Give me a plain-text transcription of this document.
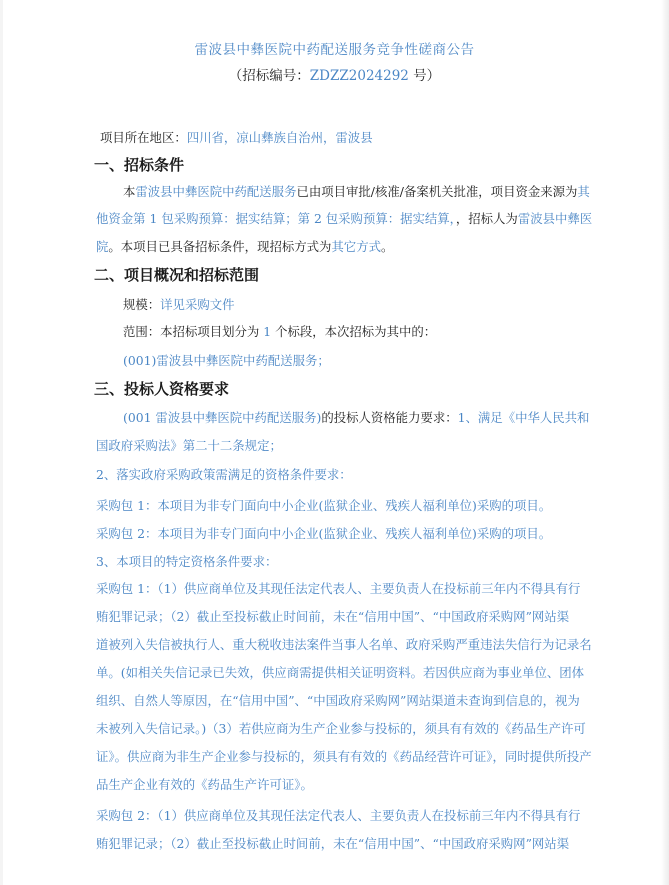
雷波县中彝医院中药配送服务竞争性磋商公告
（招标编号：ZDZZ2024292 号）
项目所在地区：四川省，凉山彝族自治州，雷波县
一、招标条件
本雷波县中彝医院中药配送服务已由项目审批/核准/备案机关批准，项目资金来源为其
他资金第 1 包采购预算：据实结算；第 2 包采购预算：据实结算，，招标人为雷波县中彝医
院。本项目已具备招标条件，现招标方式为其它方式。
二、项目概况和招标范围
规模：详见采购文件
范围：本招标项目划分为 1 个标段，本次招标为其中的：
(001)雷波县中彝医院中药配送服务；
三、投标人资格要求
(001 雷波县中彝医院中药配送服务)的投标人资格能力要求：1、满足《中华人民共和
国政府采购法》第二十二条规定；
2、落实政府采购政策需满足的资格条件要求：
采购包 1：本项目为非专门面向中小企业(监狱企业、残疾人福利单位)采购的项目。
采购包 2：本项目为非专门面向中小企业(监狱企业、残疾人福利单位)采购的项目。
3、本项目的特定资格条件要求：
采购包 1：（1）供应商单位及其现任法定代表人、主要负责人在投标前三年内不得具有行
贿犯罪记录；（2）截止至投标截止时间前，未在“信用中国”、“中国政府采购网”网站渠
道被列入失信被执行人、重大税收违法案件当事人名单、政府采购严重违法失信行为记录名
单。(如相关失信记录已失效，供应商需提供相关证明资料。若因供应商为事业单位、团体
组织、自然人等原因，在“信用中国”、“中国政府采购网”网站渠道未查询到信息的，视为
未被列入失信记录。)（3）若供应商为生产企业参与投标的，须具有有效的《药品生产许可
证》。供应商为非生产企业参与投标的，须具有有效的《药品经营许可证》，同时提供所投产
品生产企业有效的《药品生产许可证》。
采购包 2：（1）供应商单位及其现任法定代表人、主要负责人在投标前三年内不得具有行
贿犯罪记录；（2）截止至投标截止时间前，未在“信用中国”、“中国政府采购网”网站渠
